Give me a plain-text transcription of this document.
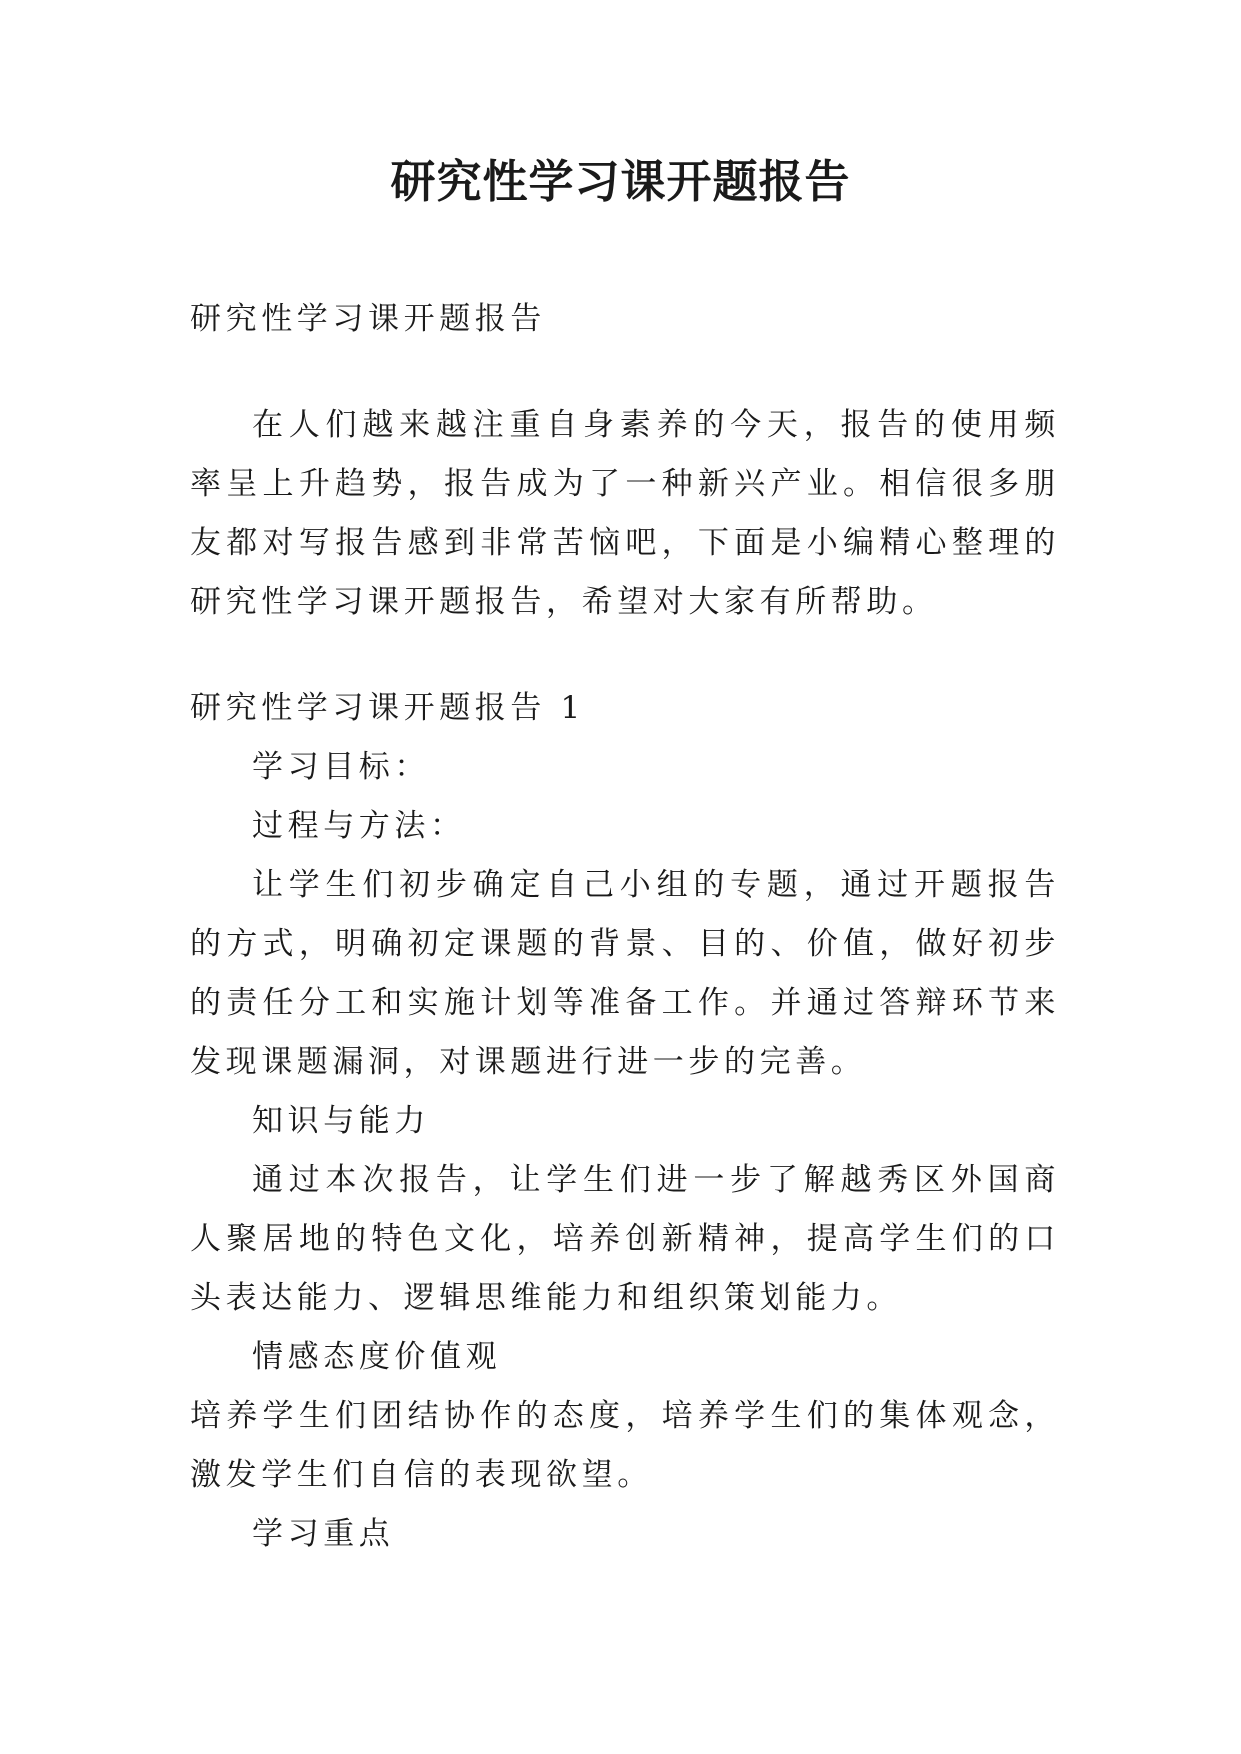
研究性学习课开题报告

研究性学习课开题报告

在人们越来越注重自身素养的今天，报告的使用频率呈上升趋势，报告成为了一种新兴产业。相信很多朋友都对写报告感到非常苦恼吧，下面是小编精心整理的研究性学习课开题报告，希望对大家有所帮助。

研究性学习课开题报告 1

学习目标：

过程与方法：

让学生们初步确定自己小组的专题，通过开题报告的方式，明确初定课题的背景、目的、价值，做好初步的责任分工和实施计划等准备工作。并通过答辩环节来发现课题漏洞，对课题进行进一步的完善。

知识与能力

通过本次报告，让学生们进一步了解越秀区外国商人聚居地的特色文化，培养创新精神，提高学生们的口头表达能力、逻辑思维能力和组织策划能力。

情感态度价值观

培养学生们团结协作的态度，培养学生们的集体观念，激发学生们自信的表现欲望。

学习重点
